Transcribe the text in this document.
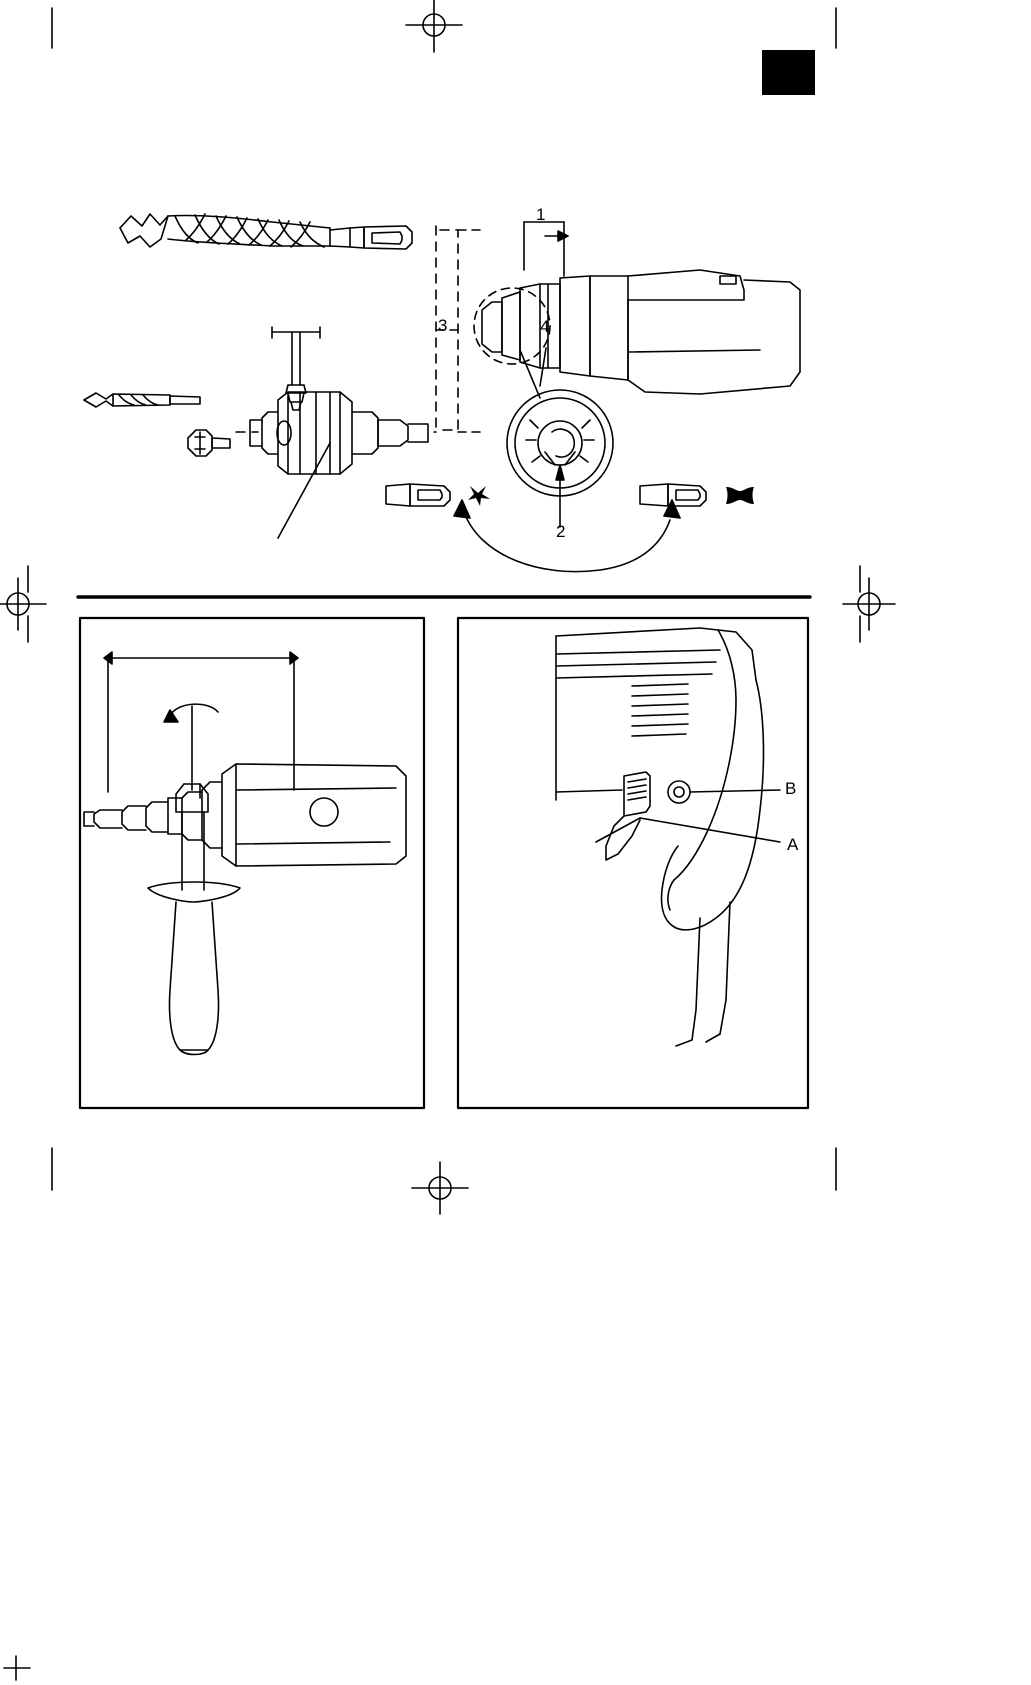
1
2
3	4
A
B
